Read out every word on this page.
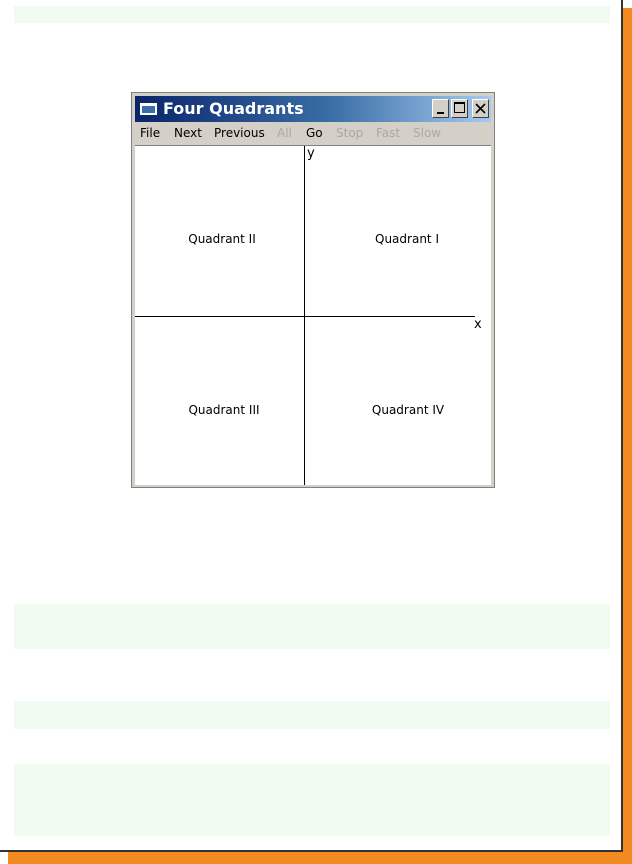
Four Quadrants
File Next Previous All Go Stop Fast Slow
y
x
Quadrant II	Quadrant I
Quadrant III	Quadrant IV
